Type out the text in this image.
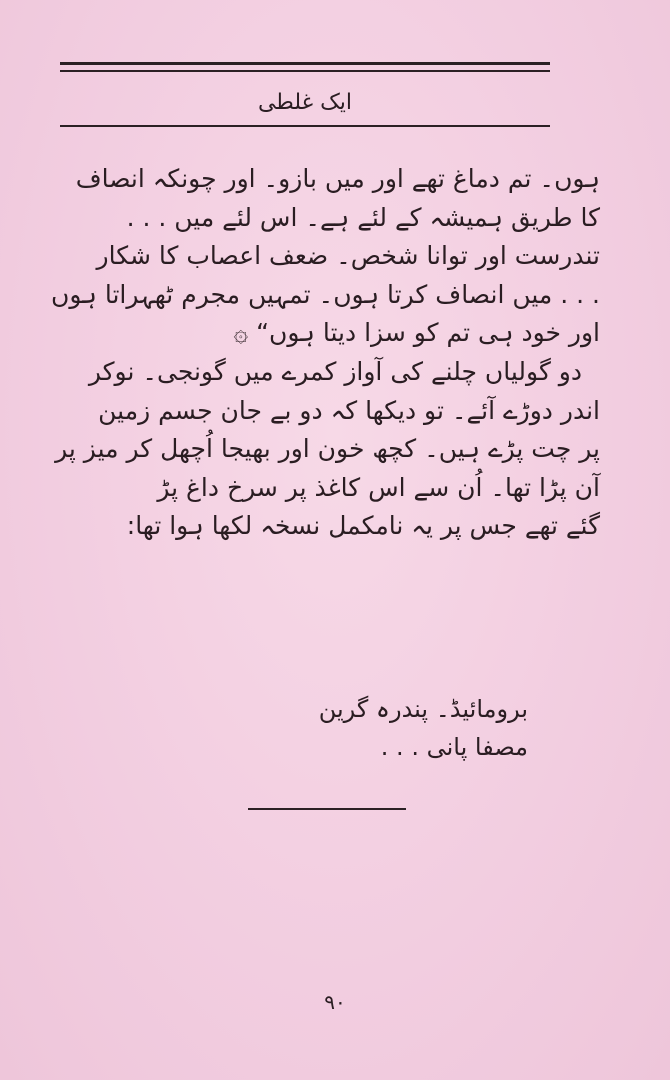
ایک غلطی
ہوں۔ تم دماغ تھے اور میں بازو۔ اور چونکہ انصاف
کا طریق ہمیشہ کے لئے ہے۔ اس لئے میں . . .
تندرست اور توانا شخص۔ ضعف اعصاب کا شکار
. . . میں انصاف کرتا ہوں۔ تمہیں مجرم ٹھہراتا ہوں
اور خود ہی تم کو سزا دیتا ہوں“ ۞
دو گولیاں چلنے کی آواز کمرے میں گونجی۔ نوکر
اندر دوڑے آئے۔ تو دیکھا کہ دو بے جان جسم زمین
پر چت پڑے ہیں۔ کچھ خون اور بھیجا اُچھل کر میز پر
آن پڑا تھا۔ اُن سے اس کاغذ پر سرخ داغ پڑ
گئے تھے جس پر یہ نامکمل نسخہ لکھا ہوا تھا:
برومائیڈ۔ پندرہ گرین
مصفا پانی . . .
۹۰
